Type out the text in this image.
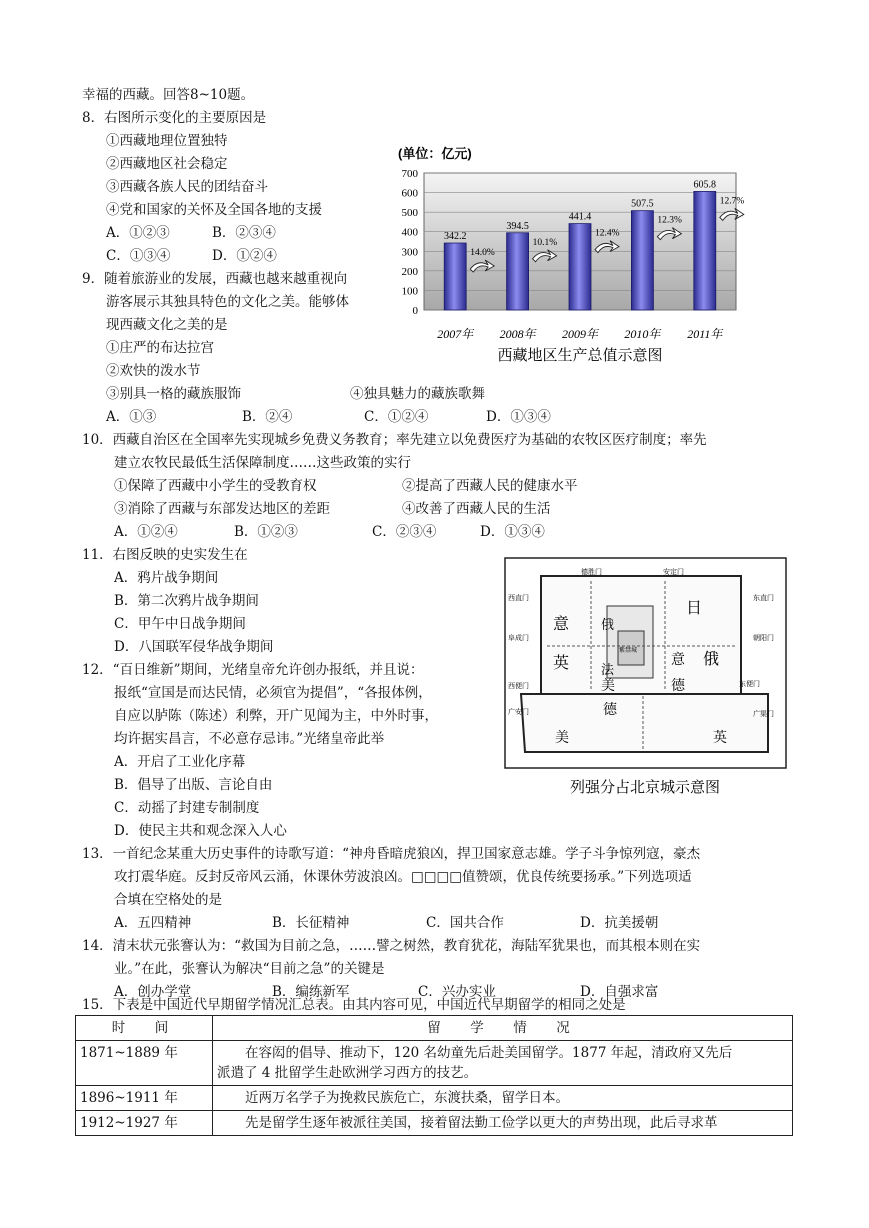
幸福的西藏。回答8~10题。
8．右图所示变化的主要原因是
①西藏地理位置独特
②西藏地区社会稳定
③西藏各族人民的团结奋斗
④党和国家的关怀及全国各地的支援
A．①②③	B．②③④
C．①③④	D．①②④
9．随着旅游业的发展，西藏也越来越重视向
游客展示其独具特色的文化之美。能够体
现西藏文化之美的是
①庄严的布达拉宫
②欢快的泼水节
③别具一格的藏族服饰	④独具魅力的藏族歌舞
A．①③	B．②④	C．①②④	D．①③④
10．西藏自治区在全国率先实现城乡免费义务教育；率先建立以免费医疗为基础的农牧区医疗制度；率先
建立农牧民最低生活保障制度……这些政策的实行
①保障了西藏中小学生的受教育权	②提高了西藏人民的健康水平
③消除了西藏与东部发达地区的差距	④改善了西藏人民的生活
A．①②④	B．①②③	C．②③④	D．①③④
11．右图反映的史实发生在
A．鸦片战争期间
B．第二次鸦片战争期间
C．甲午中日战争期间
D．八国联军侵华战争期间
12．“百日维新”期间，光绪皇帝允许创办报纸，并且说：
报纸“宣国是而达民情，必须官为提倡”，“各报体例，
自应以胪陈（陈述）利弊，开广见闻为主，中外时事，
均许据实昌言，不必意存忌讳。”光绪皇帝此举
A．开启了工业化序幕
B．倡导了出版、言论自由
C．动摇了封建专制制度
D．使民主共和观念深入人心
13．一首纪念某重大历史事件的诗歌写道：“神舟昏暗虎狼凶，捍卫国家意志雄。学子斗争惊列寇，豪杰
攻打震华庭。反封反帝风云涌，休课休劳波浪凶。□□□□值赞颂，优良传统要扬承。”下列选项适
合填在空格处的是
A．五四精神	B．长征精神	C．国共合作	D．抗美援朝
14．清末状元张謇认为：“救国为目前之急，……譬之树然，教育犹花，海陆军犹果也，而其根本则在实
业。”在此，张謇认为解决“目前之急”的关键是
A．创办学堂	B．编练新军	C．兴办实业	D．自强求富
15．下表是中国近代早期留学情况汇总表。由其内容可见，中国近代早期留学的相同之处是
时　间	留　学　情　况
1871~1889 年	在容闳的倡导、推动下，120 名幼童先后赴美国留学。1877 年起，清政府又先后
派遣了 4 批留学生赴欧洲学习西方的技艺。

1896~1911 年	近两万名学子为挽救民族危亡，东渡扶桑，留学日本。
1912~1927 年	先是留学生逐年被派往美国，接着留法勤工俭学以更大的声势出现，此后寻求革
(单位：亿元)
0
100
200
300
400
500
600
700
342.2
14.0%
394.5
10.1%
441.4
12.4%
507.5
12.3%
605.8
12.7%
2007年 2008年 2009年 2010年 2011年
西藏地区生产总值示意图
德胜门	安定门
西直门	东直门
阜成门	朝阳门
广渠门
东便门
西便门
广安门
日
意 俄
法
英	意 俄
美	德
德
美	英
紫禁城
列强分占北京城示意图
